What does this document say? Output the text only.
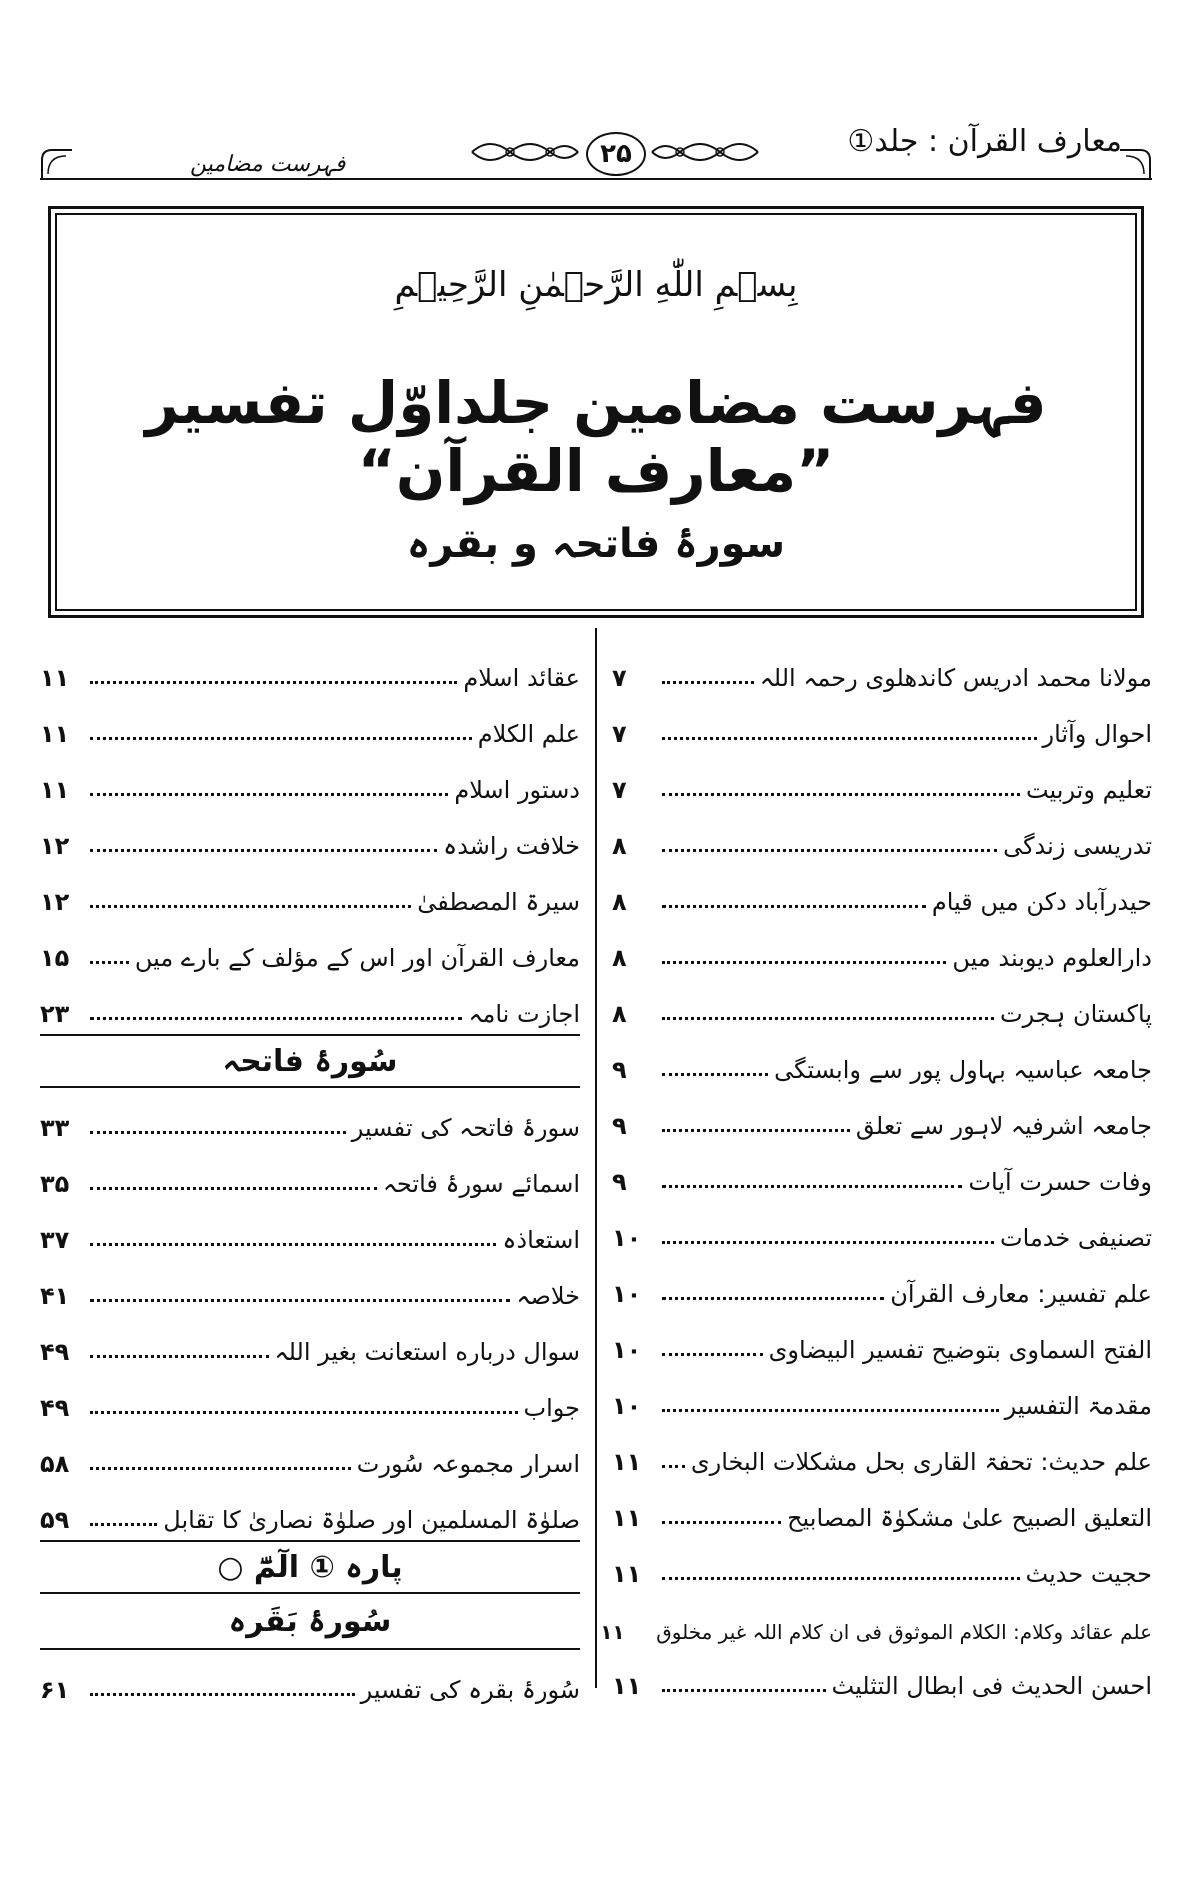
۲۵	معارف القرآن : جلد①
فہرست مضامین
بِسۡمِ اللّٰهِ الرَّحۡمٰنِ الرَّحِيۡمِ
فہرست مضامین جلداوّل تفسیر ”معارف القرآن“
سورۂ فاتحہ و بقرہ
مولانا محمد ادریس کاندھلوی رحمہ اللہ
۷
احوال وآثار
۷
تعلیم وتربیت
۷
تدریسی زندگی
۸
حیدرآباد دکن میں قیام
۸
دارالعلوم دیوبند میں
۸
پاکستان ہجرت
۸
جامعہ عباسیہ بہاول پور سے وابستگی
۹
جامعہ اشرفیہ لاہور سے تعلق
۹
وفات حسرت آیات
۹
تصنیفی خدمات
۱۰
علم تفسیر: معارف القرآن
۱۰
الفتح السماوی بتوضیح تفسیر البیضاوی
۱۰
مقدمۃ التفسیر
۱۰
علم حدیث: تحفۃ القاری بحل مشکلات البخاری
۱۱
التعلیق الصبیح علیٰ مشکوٰۃ المصابیح
۱۱
حجیت حدیث
۱۱
علم عقائد وکلام: الکلام الموثوق فی ان کلام اللہ غیر مخلوق
۱۱
احسن الحدیث فی ابطال التثلیث
۱۱
عقائد اسلام
۱۱
علم الکلام
۱۱
دستور اسلام
۱۱
خلافت راشدہ
۱۲
سیرۃ المصطفیٰ
۱۲
معارف القرآن اور اس کے مؤلف کے بارے میں
۱۵
اجازت نامہ
۲۳
سُورۂ فاتحہ
سورۂ فاتحہ کی تفسیر
۳۳
اسمائے سورۂ فاتحہ
۳۵
استعاذہ
۳۷
خلاصہ
۴۱
سوال درباره استعانت بغیر اللہ
۴۹
جواب
۴۹
اسرار مجموعہ سُورت
۵۸
صلوٰۃ المسلمین اور صلوٰۃ نصاریٰ کا تقابل
۵۹
پارہ ① الٓمّٓ ○
سُورۂ بَقَرہ
سُورۂ بقرہ کی تفسیر
۶۱
